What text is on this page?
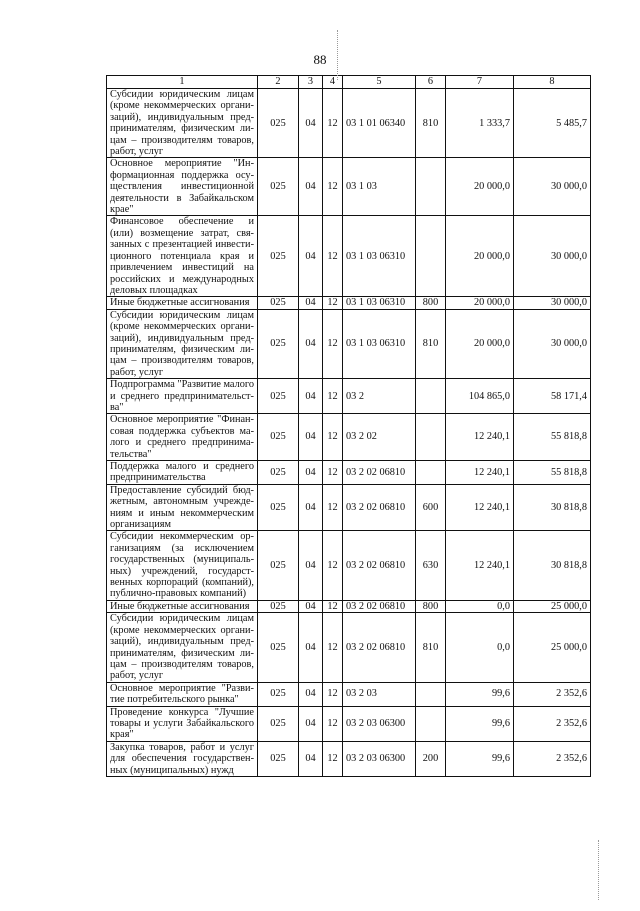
88
1	2	3	4	5	6	7	8
Субсидии юридическим лицам (кроме некоммерческих органи-заций), индивидуальным пред-принимателям, физическим ли-цам – производителям товаров, работ, услуг	025	04	12	03 1 01 06340	810	1 333,7	5 485,7
Основное мероприятие "Ин-формационная поддержка осу-ществления инвестиционной деятельности в Забайкальском крае"	025	04	12	03 1 03		20 000,0	30 000,0
Финансовое обеспечение и (или) возмещение затрат, свя-занных с презентацией инвести-ционного потенциала края и привлечением инвестиций на российских и международных деловых площадках	025	04	12	03 1 03 06310		20 000,0	30 000,0
Иные бюджетные ассигнования	025	04	12	03 1 03 06310	800	20 000,0	30 000,0
Субсидии юридическим лицам (кроме некоммерческих органи-заций), индивидуальным пред-принимателям, физическим ли-цам – производителям товаров, работ, услуг	025	04	12	03 1 03 06310	810	20 000,0	30 000,0
Подпрограмма "Развитие малого и среднего предпринимательст-ва"	025	04	12	03 2		104 865,0	58 171,4
Основное мероприятие "Финан-совая поддержка субъектов ма-лого и среднего предпринима-тельства"	025	04	12	03 2 02		12 240,1	55 818,8
Поддержка малого и среднего предпринимательства	025	04	12	03 2 02 06810		12 240,1	55 818,8
Предоставление субсидий бюд-жетным, автономным учрежде-ниям и иным некоммерческим организациям	025	04	12	03 2 02 06810	600	12 240,1	30 818,8
Субсидии некоммерческим ор-ганизациям (за исключением государственных (муниципаль-ных) учреждений, государст-венных корпораций (компаний), публично-правовых компаний)	025	04	12	03 2 02 06810	630	12 240,1	30 818,8
Иные бюджетные ассигнования	025	04	12	03 2 02 06810	800	0,0	25 000,0
Субсидии юридическим лицам (кроме некоммерческих органи-заций), индивидуальным пред-принимателям, физическим ли-цам – производителям товаров, работ, услуг	025	04	12	03 2 02 06810	810	0,0	25 000,0
Основное мероприятие "Разви-тие потребительского рынка"	025	04	12	03 2 03		99,6	2 352,6
Проведение конкурса "Лучшие товары и услуги Забайкальского края"	025	04	12	03 2 03 06300		99,6	2 352,6
Закупка товаров, работ и услуг для обеспечения государствен-ных (муниципальных) нужд	025	04	12	03 2 03 06300	200	99,6	2 352,6
